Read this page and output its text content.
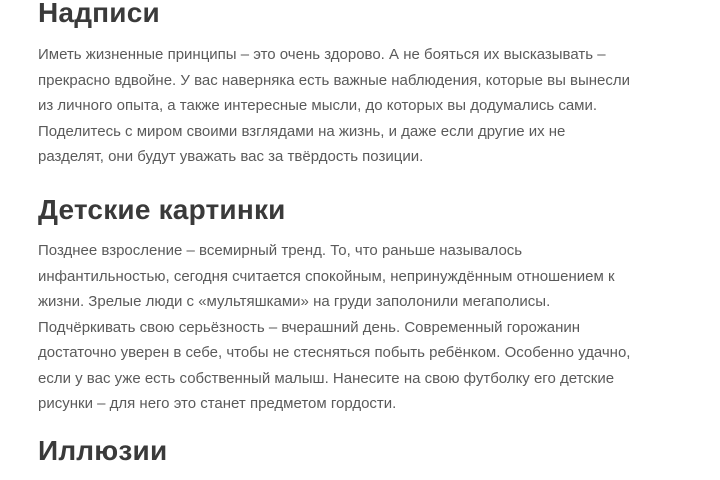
Надписи

Иметь жизненные принципы – это очень здорово. А не бояться их высказывать –
прекрасно вдвойне. У вас наверняка есть важные наблюдения, которые вы вынесли
из личного опыта, а также интересные мысли, до которых вы додумались сами.
Поделитесь с миром своими взглядами на жизнь, и даже если другие их не
разделят, они будут уважать вас за твёрдость позиции.

Детские картинки

Позднее взросление – всемирный тренд. То, что раньше называлось
инфантильностью, сегодня считается спокойным, непринуждённым отношением к
жизни. Зрелые люди с «мультяшками» на груди заполонили мегаполисы.
Подчёркивать свою серьёзность – вчерашний день. Современный горожанин
достаточно уверен в себе, чтобы не стесняться побыть ребёнком. Особенно удачно,
если у вас уже есть собственный малыш. Нанесите на свою футболку его детские
рисунки – для него это станет предметом гордости.

Иллюзии
